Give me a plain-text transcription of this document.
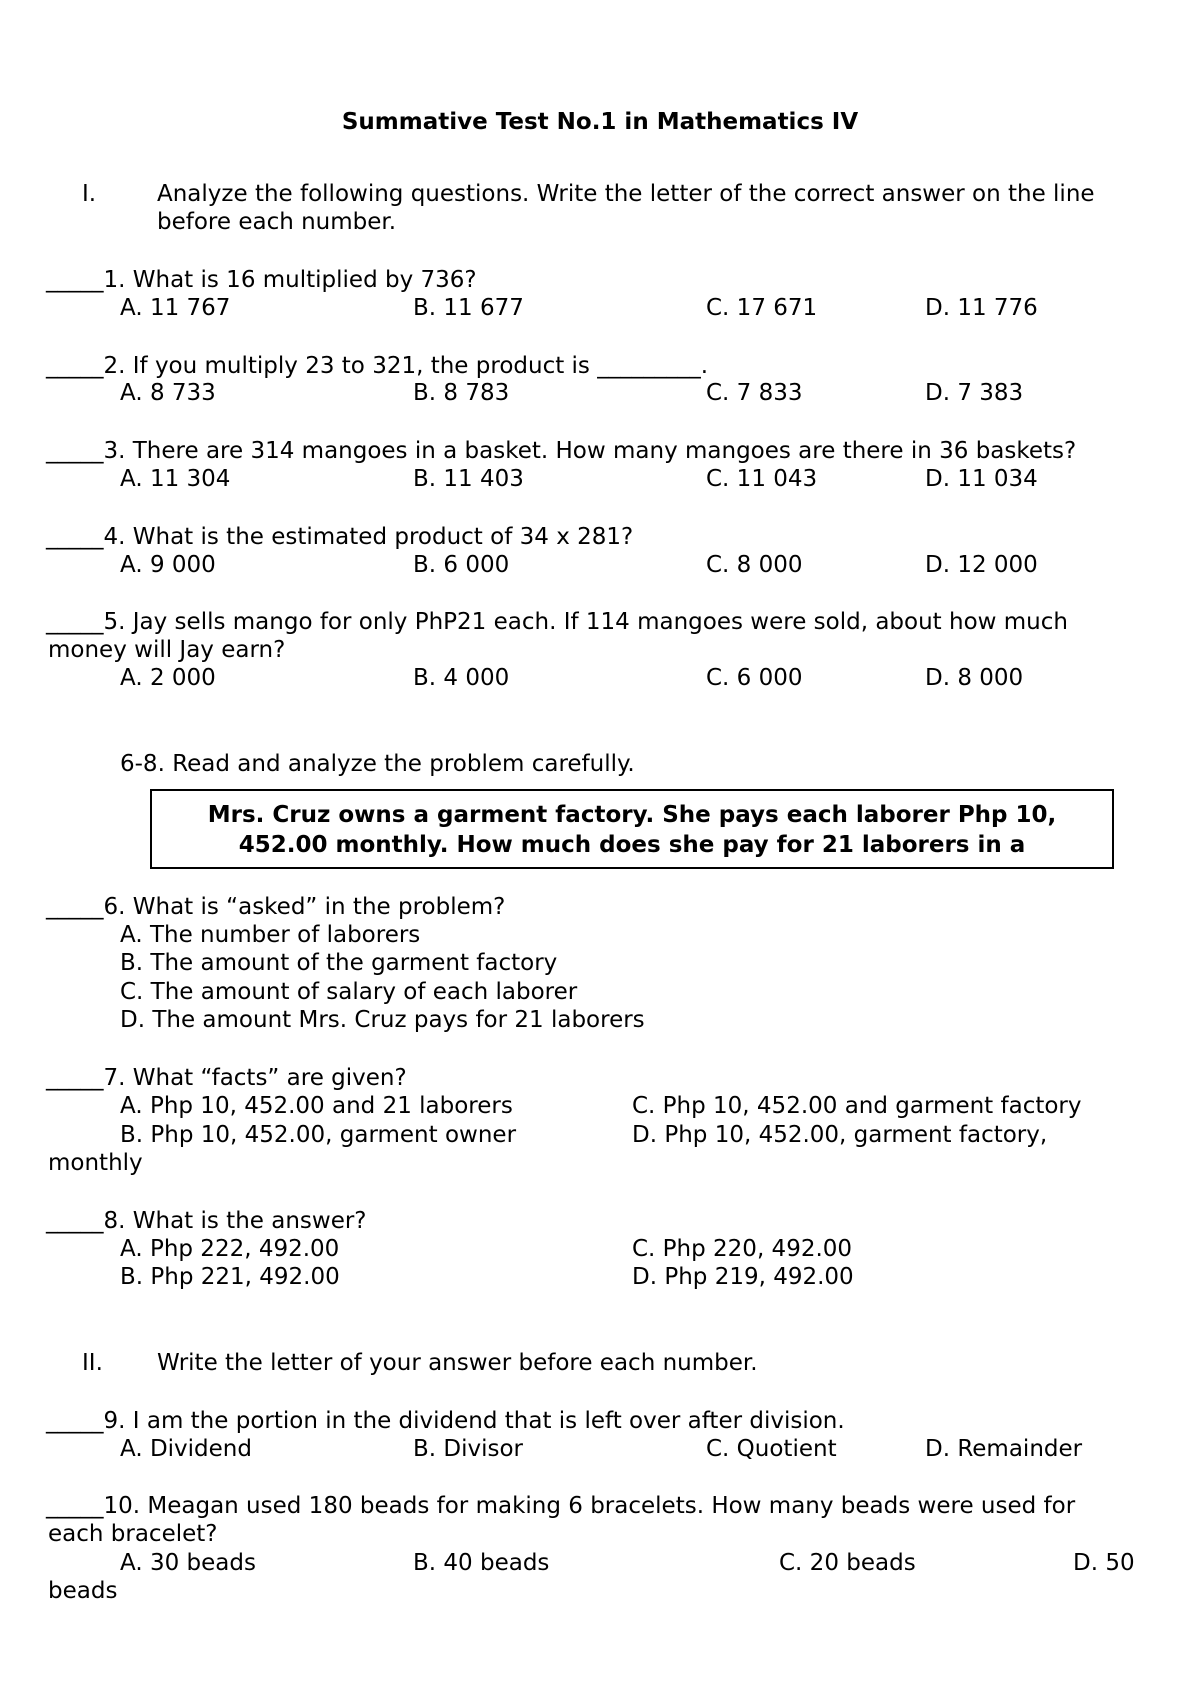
Summative Test No.1 in Mathematics IV
I.	Analyze the following questions. Write the letter of the correct answer on the line
before each number.
_____1. What is 16 multiplied by 736?
A. 11 767	B. 11 677	C. 17 671	D. 11 776
_____2. If you multiply 23 to 321, the product is _________.
A. 8 733	B. 8 783	C. 7 833	D. 7 383
_____3. There are 314 mangoes in a basket. How many mangoes are there in 36 baskets?
A. 11 304	B. 11 403	C. 11 043	D. 11 034
_____4. What is the estimated product of 34 x 281?
A. 9 000	B. 6 000	C. 8 000	D. 12 000
_____5. Jay sells mango for only PhP21 each. If 114 mangoes were sold, about how much
money will Jay earn?
A. 2 000	B. 4 000	C. 6 000	D. 8 000
6-8. Read and analyze the problem carefully.
Mrs. Cruz owns a garment factory. She pays each laborer Php 10,
452.00 monthly. How much does she pay for 21 laborers in a
_____6. What is “asked” in the problem?
A. The number of laborers
B. The amount of the garment factory
C. The amount of salary of each laborer
D. The amount Mrs. Cruz pays for 21 laborers
_____7. What “facts” are given?
A. Php 10, 452.00 and 21 laborers	C. Php 10, 452.00 and garment factory
B. Php 10, 452.00, garment owner	D. Php 10, 452.00, garment factory,
monthly
_____8. What is the answer?
A. Php 222, 492.00	C. Php 220, 492.00
B. Php 221, 492.00	D. Php 219, 492.00
II. Write the letter of your answer before each number.
_____9. I am the portion in the dividend that is left over after division.
A. Dividend	B. Divisor	C. Quotient	D. Remainder
_____10. Meagan used 180 beads for making 6 bracelets. How many beads were used for
each bracelet?
A. 30 beads	B. 40 beads	C. 20 beads	D. 50
beads
